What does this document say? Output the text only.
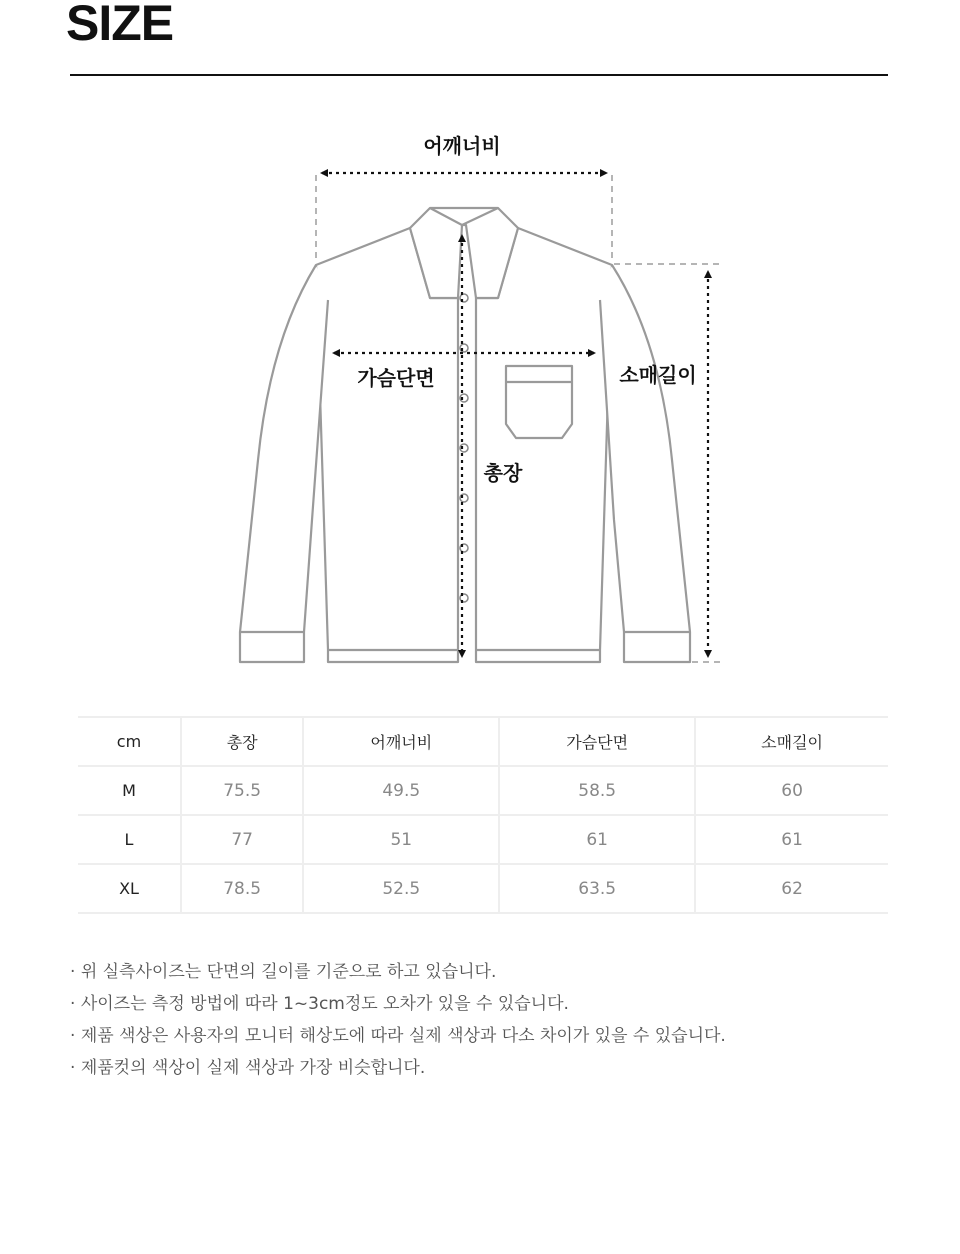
SIZE
어깨너비
가슴단면	소매길이
총장
cm	총장	어깨너비	가슴단면	소매길이
M	75.5	49.5	58.5	60
L	77	51	61	61
XL	78.5	52.5	63.5	62
· 위 실측사이즈는 단면의 길이를 기준으로 하고 있습니다.
· 사이즈는 측정 방법에 따라 1~3cm정도 오차가 있을 수 있습니다.
· 제품 색상은 사용자의 모니터 해상도에 따라 실제 색상과 다소 차이가 있을 수 있습니다.
· 제품컷의 색상이 실제 색상과 가장 비슷합니다.
